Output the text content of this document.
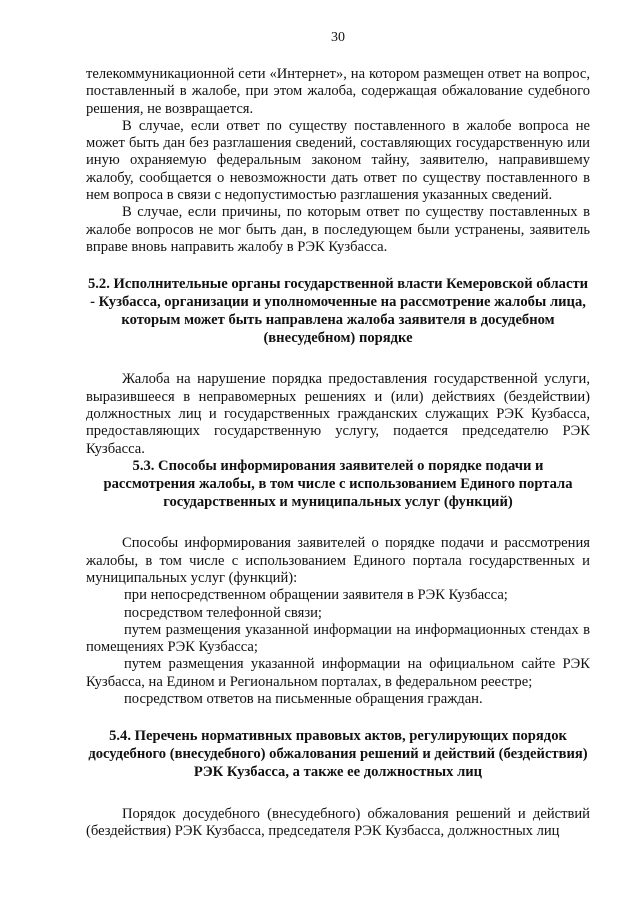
30

телекоммуникационной сети «Интернет», на котором размещен ответ на вопрос, поставленный в жалобе, при этом жалоба, содержащая обжалование судебного решения, не возвращается.

В случае, если ответ по существу поставленного в жалобе вопроса не может быть дан без разглашения сведений, составляющих государственную или иную охраняемую федеральным законом тайну, заявителю, направившему жалобу, сообщается о невозможности дать ответ по существу поставленного в нем вопроса в связи с недопустимостью разглашения указанных сведений.

В случае, если причины, по которым ответ по существу поставленных в жалобе вопросов не мог быть дан, в последующем были устранены, заявитель вправе вновь направить жалобу в РЭК Кузбасса.

5.2. Исполнительные органы государственной власти Кемеровской области - Кузбасса, организации и уполномоченные на рассмотрение жалобы лица, которым может быть направлена жалоба заявителя в досудебном (внесудебном) порядке

Жалоба на нарушение порядка предоставления государственной услуги, выразившееся в неправомерных решениях и (или) действиях (бездействии) должностных лиц и государственных гражданских служащих РЭК Кузбасса, предоставляющих государственную услугу, подается председателю РЭК Кузбасса.

5.3. Способы информирования заявителей о порядке подачи и рассмотрения жалобы, в том числе с использованием Единого портала государственных и муниципальных услуг (функций)

Способы информирования заявителей о порядке подачи и рассмотрения жалобы, в том числе с использованием Единого портала государственных и муниципальных услуг (функций):

при непосредственном обращении заявителя в РЭК Кузбасса;

посредством телефонной связи;

путем размещения указанной информации на информационных стендах в помещениях РЭК Кузбасса;

путем размещения указанной информации на официальном сайте РЭК Кузбасса, на Едином и Региональном порталах, в федеральном реестре;

посредством ответов на письменные обращения граждан.

5.4. Перечень нормативных правовых актов, регулирующих порядок досудебного (внесудебного) обжалования решений и действий (бездействия) РЭК Кузбасса, а также ее должностных лиц

Порядок досудебного (внесудебного) обжалования решений и действий (бездействия) РЭК Кузбасса, председателя РЭК Кузбасса, должностных лиц
